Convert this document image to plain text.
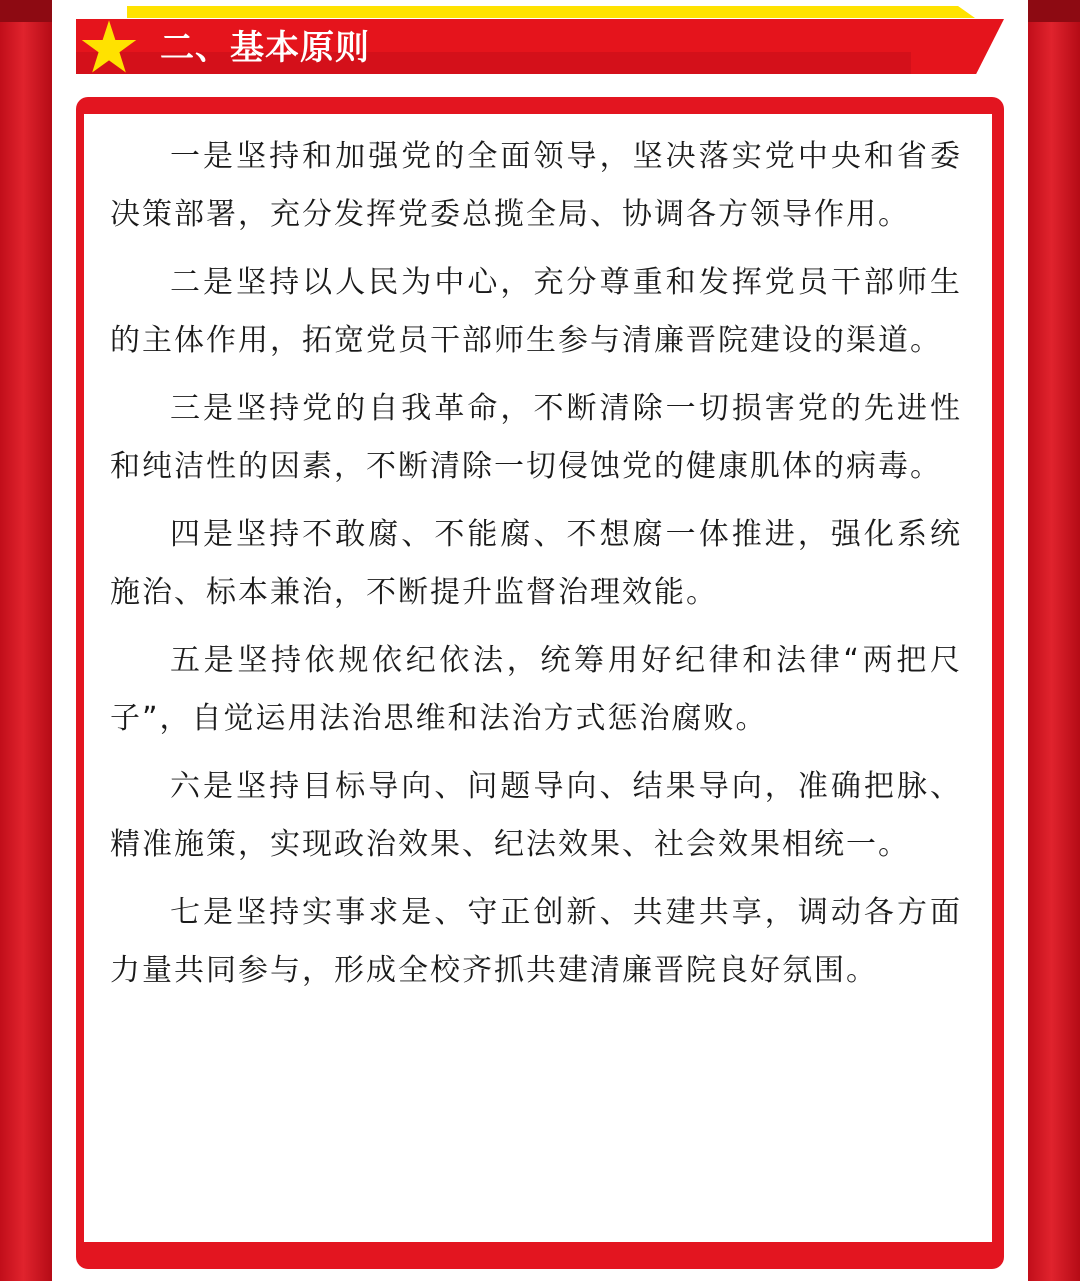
二、基本原则

一是坚持和加强党的全面领导，坚决落实党中央和省委决策部署，充分发挥党委总揽全局、协调各方领导作用。

二是坚持以人民为中心，充分尊重和发挥党员干部师生的主体作用，拓宽党员干部师生参与清廉晋院建设的渠道。

三是坚持党的自我革命，不断清除一切损害党的先进性和纯洁性的因素，不断清除一切侵蚀党的健康肌体的病毒。

四是坚持不敢腐、不能腐、不想腐一体推进，强化系统施治、标本兼治，不断提升监督治理效能。

五是坚持依规依纪依法，统筹用好纪律和法律“两把尺子”，自觉运用法治思维和法治方式惩治腐败。

六是坚持目标导向、问题导向、结果导向，准确把脉、精准施策，实现政治效果、纪法效果、社会效果相统一。

七是坚持实事求是、守正创新、共建共享，调动各方面力量共同参与，形成全校齐抓共建清廉晋院良好氛围。
